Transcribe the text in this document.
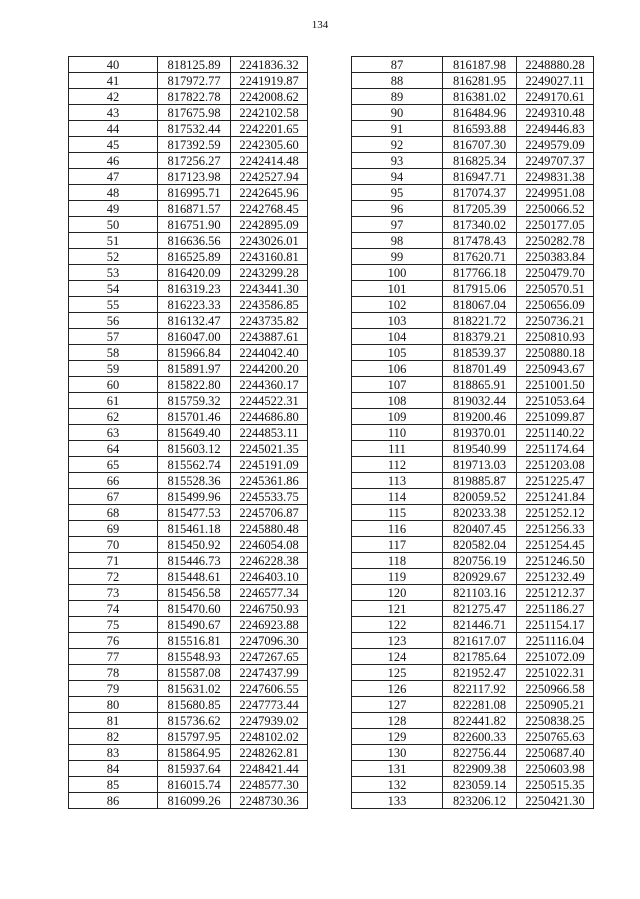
134
40	818125.89	2241836.32
41	817972.77	2241919.87
42	817822.78	2242008.62
43	817675.98	2242102.58
44	817532.44	2242201.65
45	817392.59	2242305.60
46	817256.27	2242414.48
47	817123.98	2242527.94
48	816995.71	2242645.96
49	816871.57	2242768.45
50	816751.90	2242895.09
51	816636.56	2243026.01
52	816525.89	2243160.81
53	816420.09	2243299.28
54	816319.23	2243441.30
55	816223.33	2243586.85
56	816132.47	2243735.82
57	816047.00	2243887.61
58	815966.84	2244042.40
59	815891.97	2244200.20
60	815822.80	2244360.17
61	815759.32	2244522.31
62	815701.46	2244686.80
63	815649.40	2244853.11
64	815603.12	2245021.35
65	815562.74	2245191.09
66	815528.36	2245361.86
67	815499.96	2245533.75
68	815477.53	2245706.87
69	815461.18	2245880.48
70	815450.92	2246054.08
71	815446.73	2246228.38
72	815448.61	2246403.10
73	815456.58	2246577.34
74	815470.60	2246750.93
75	815490.67	2246923.88
76	815516.81	2247096.30
77	815548.93	2247267.65
78	815587.08	2247437.99
79	815631.02	2247606.55
80	815680.85	2247773.44
81	815736.62	2247939.02
82	815797.95	2248102.02
83	815864.95	2248262.81
84	815937.64	2248421.44
85	816015.74	2248577.30
86	816099.26	2248730.36
87	816187.98	2248880.28
88	816281.95	2249027.11
89	816381.02	2249170.61
90	816484.96	2249310.48
91	816593.88	2249446.83
92	816707.30	2249579.09
93	816825.34	2249707.37
94	816947.71	2249831.38
95	817074.37	2249951.08
96	817205.39	2250066.52
97	817340.02	2250177.05
98	817478.43	2250282.78
99	817620.71	2250383.84
100	817766.18	2250479.70
101	817915.06	2250570.51
102	818067.04	2250656.09
103	818221.72	2250736.21
104	818379.21	2250810.93
105	818539.37	2250880.18
106	818701.49	2250943.67
107	818865.91	2251001.50
108	819032.44	2251053.64
109	819200.46	2251099.87
110	819370.01	2251140.22
111	819540.99	2251174.64
112	819713.03	2251203.08
113	819885.87	2251225.47
114	820059.52	2251241.84
115	820233.38	2251252.12
116	820407.45	2251256.33
117	820582.04	2251254.45
118	820756.19	2251246.50
119	820929.67	2251232.49
120	821103.16	2251212.37
121	821275.47	2251186.27
122	821446.71	2251154.17
123	821617.07	2251116.04
124	821785.64	2251072.09
125	821952.47	2251022.31
126	822117.92	2250966.58
127	822281.08	2250905.21
128	822441.82	2250838.25
129	822600.33	2250765.63
130	822756.44	2250687.40
131	822909.38	2250603.98
132	823059.14	2250515.35
133	823206.12	2250421.30
